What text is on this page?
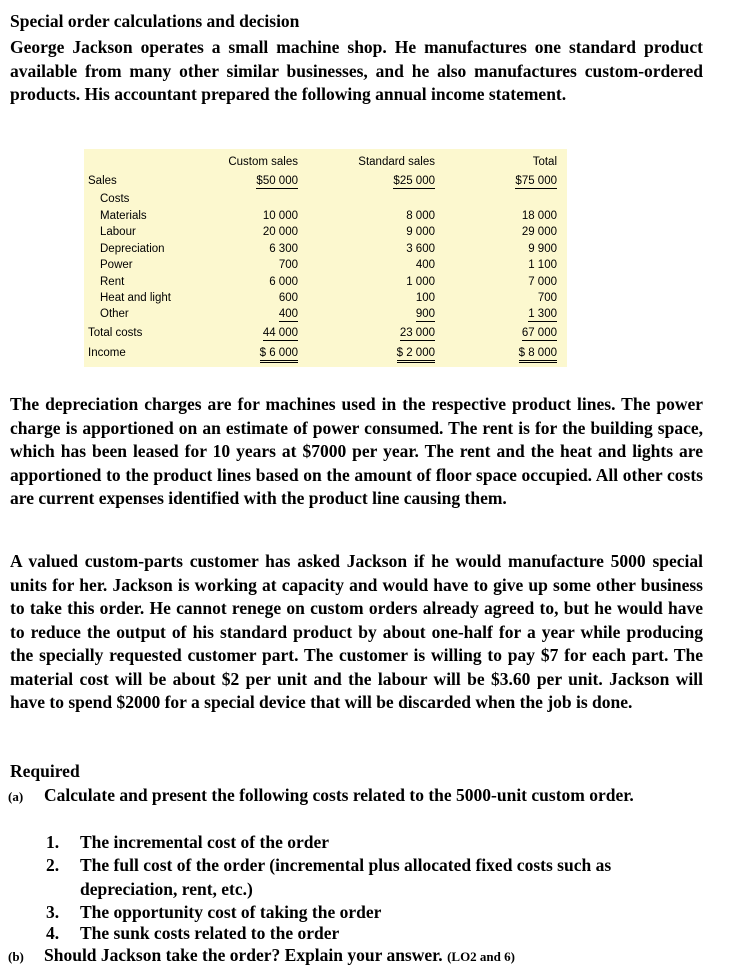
Special order calculations and decision
George Jackson operates a small machine shop. He manufactures one standard product available from many other similar businesses, and he also manufactures custom-ordered products. His accountant prepared the following annual income statement.
Custom sales	Standard sales	Total
Sales	$50 000	$25 000	$75 000
Costs
Materials	10 000	8 000	18 000
Labour	20 000	9 000	29 000
Depreciation	6 300	3 600	9 900
Power	700	400	1 100
Rent	6 000	1 000	7 000
Heat and light	600	100	700
Other	400	900	1 300
Total costs	44 000	23 000	67 000
Income	$ 6 000	$ 2 000	$ 8 000
The depreciation charges are for machines used in the respective product lines. The power charge is apportioned on an estimate of power consumed. The rent is for the building space, which has been leased for 10 years at $7000 per year. The rent and the heat and lights are apportioned to the product lines based on the amount of floor space occupied. All other costs are current expenses identified with the product line causing them.
A valued custom-parts customer has asked Jackson if he would manufacture 5000 special units for her. Jackson is working at capacity and would have to give up some other business to take this order. He cannot renege on custom orders already agreed to, but he would have to reduce the output of his standard product by about one-half for a year while producing the specially requested customer part. The customer is willing to pay $7 for each part. The material cost will be about $2 per unit and the labour will be $3.60 per unit. Jackson will have to spend $2000 for a special device that will be discarded when the job is done.
Required
(a) Calculate and present the following costs related to the 5000-unit custom order.
1. The incremental cost of the order
2. The full cost of the order (incremental plus allocated fixed costs such as depreciation, rent, etc.)
3. The opportunity cost of taking the order
4. The sunk costs related to the order
(b) Should Jackson take the order? Explain your answer. (LO2 and 6)
